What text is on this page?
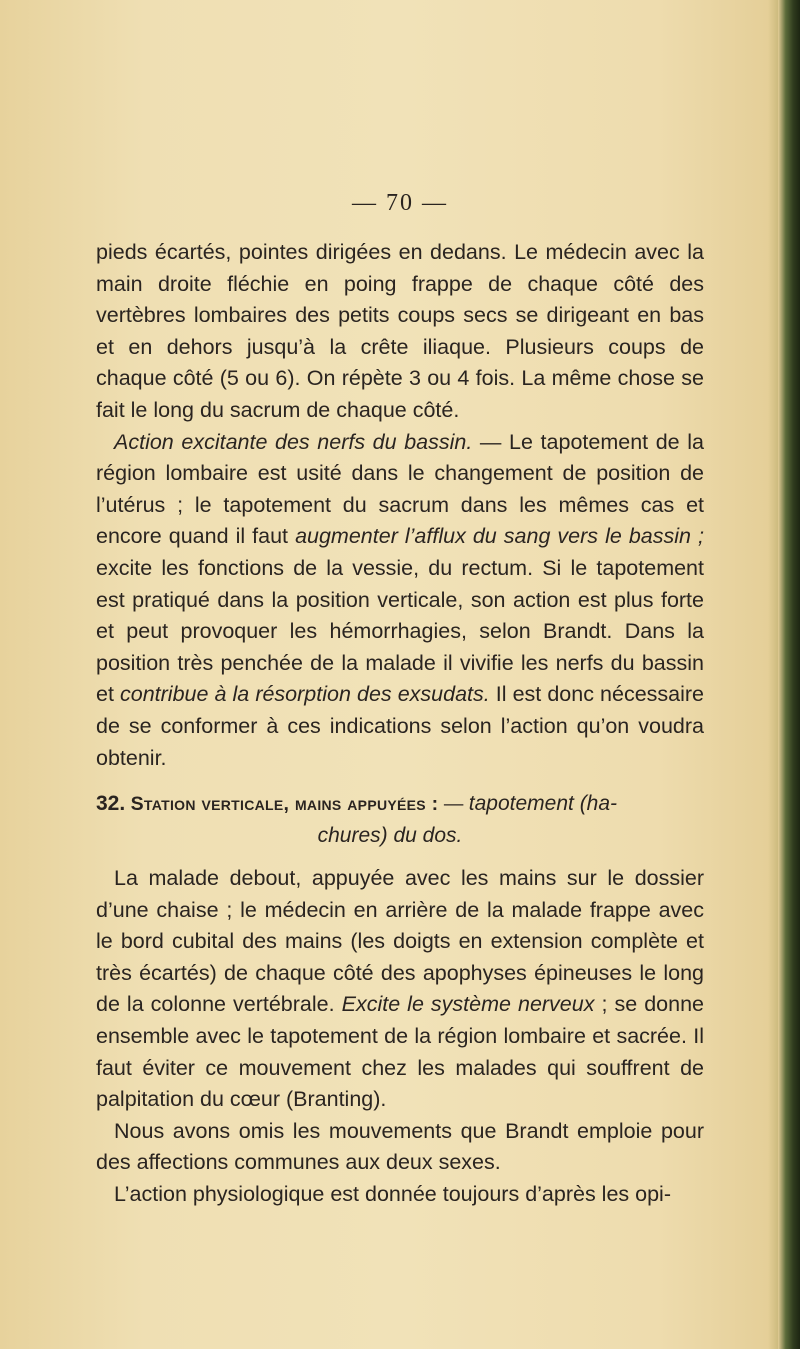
— 70 —

pieds écartés, pointes dirigées en dedans. Le médecin avec la main droite fléchie en poing frappe de chaque côté des vertèbres lombaires des petits coups secs se dirigeant en bas et en dehors jusqu’à la crête iliaque. Plusieurs coups de chaque côté (5 ou 6). On répète 3 ou 4 fois. La même chose se fait le long du sacrum de chaque côté.

Action excitante des nerfs du bassin. — Le tapotement de la région lombaire est usité dans le changement de position de l’utérus ; le tapotement du sacrum dans les mêmes cas et encore quand il faut augmenter l’afflux du sang vers le bassin ; excite les fonctions de la vessie, du rectum. Si le tapotement est pratiqué dans la position verticale, son action est plus forte et peut provoquer les hémorrhagies, selon Brandt. Dans la position très penchée de la malade il vivifie les nerfs du bassin et contribue à la résorption des exsudats. Il est donc nécessaire de se conformer à ces indications selon l’action qu’on voudra obtenir.

32. Station verticale, mains appuyées : — tapotement (ha-
chures) du dos.

La malade debout, appuyée avec les mains sur le dossier d’une chaise ; le médecin en arrière de la malade frappe avec le bord cubital des mains (les doigts en extension complète et très écartés) de chaque côté des apophyses épineuses le long de la colonne vertébrale. Excite le système nerveux ; se donne ensemble avec le tapotement de la région lombaire et sacrée. Il faut éviter ce mouvement chez les malades qui souffrent de palpitation du cœur (Branting).

Nous avons omis les mouvements que Brandt emploie pour des affections communes aux deux sexes.

L’action physiologique est donnée toujours d’après les opi-
